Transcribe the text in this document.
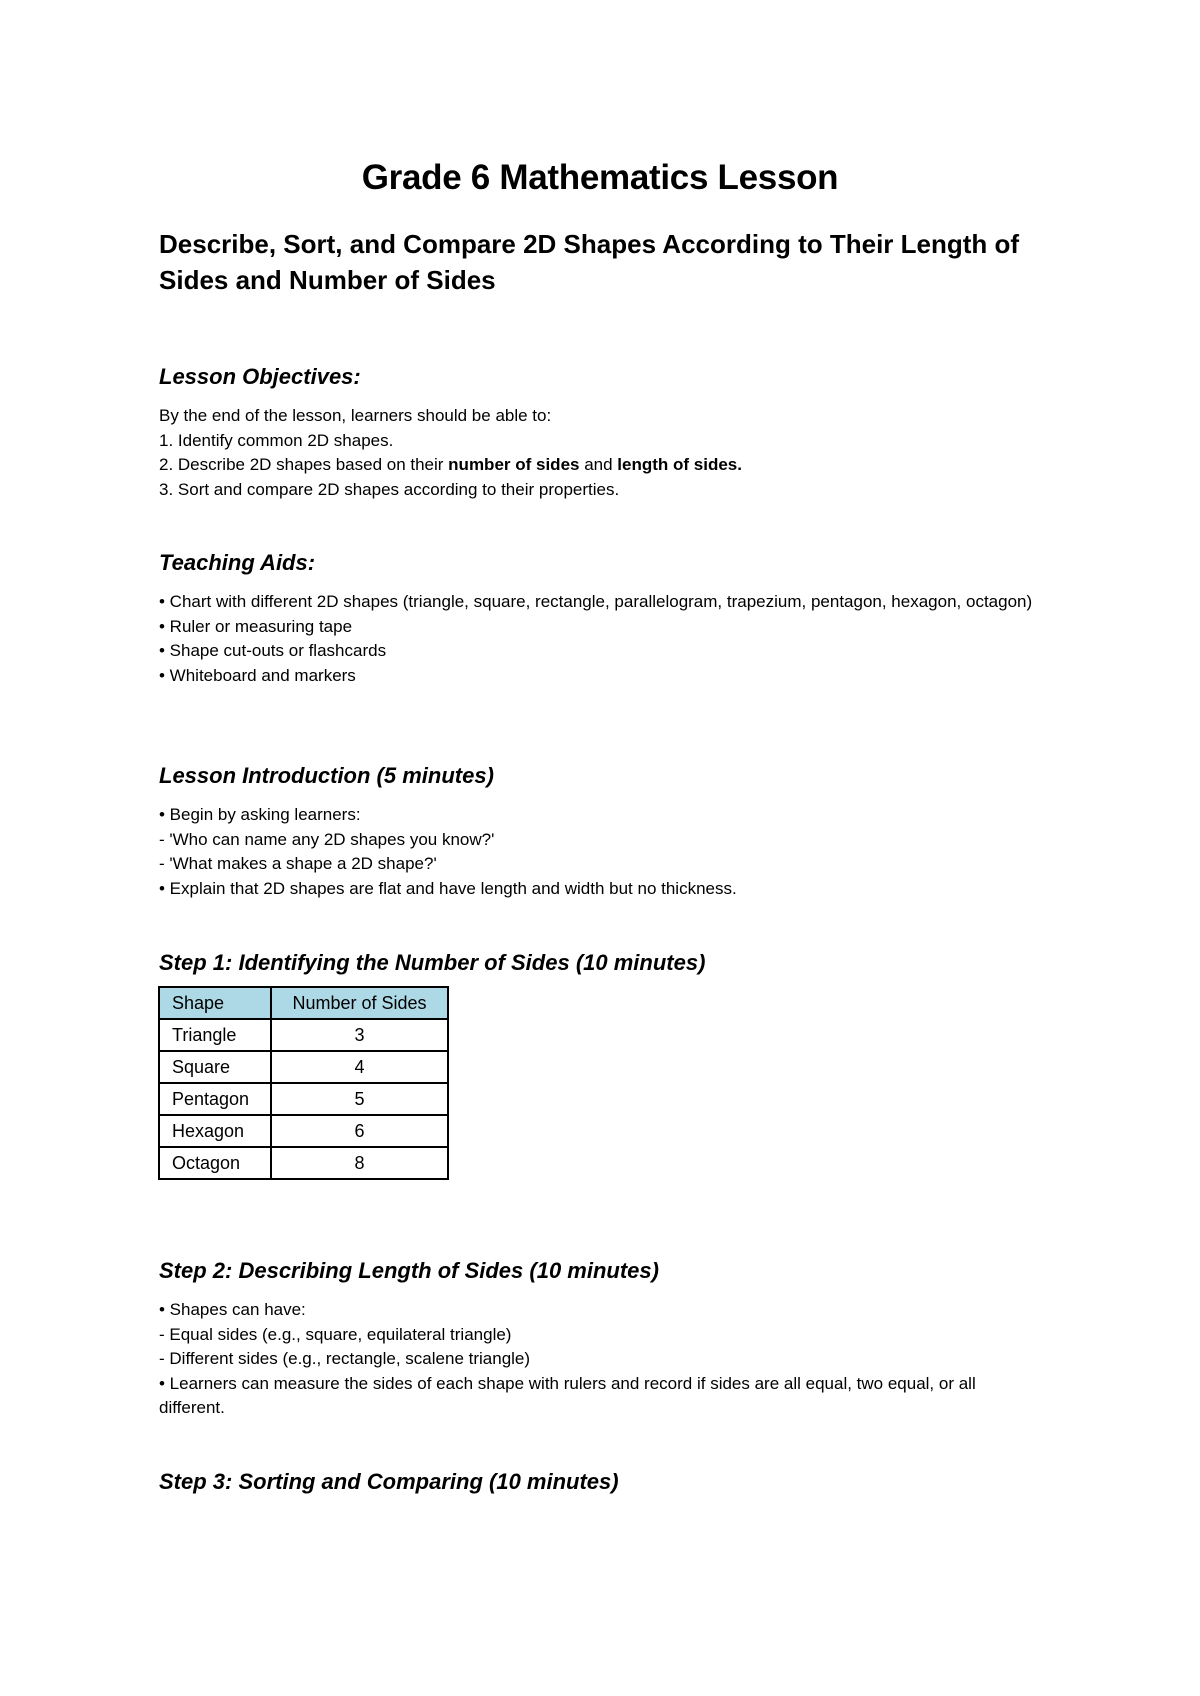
Grade 6 Mathematics Lesson
Describe, Sort, and Compare 2D Shapes According to Their Length of Sides and Number of Sides
Lesson Objectives:
By the end of the lesson, learners should be able to:
1. Identify common 2D shapes.
2. Describe 2D shapes based on their number of sides and length of sides.
3. Sort and compare 2D shapes according to their properties.
Teaching Aids:
• Chart with different 2D shapes (triangle, square, rectangle, parallelogram, trapezium, pentagon, hexagon, octagon)
• Ruler or measuring tape
• Shape cut-outs or flashcards
• Whiteboard and markers
Lesson Introduction (5 minutes)
• Begin by asking learners:
- 'Who can name any 2D shapes you know?'
- 'What makes a shape a 2D shape?'
• Explain that 2D shapes are flat and have length and width but no thickness.
Step 1: Identifying the Number of Sides (10 minutes)
Shape	Number of Sides
Triangle	3
Square	4
Pentagon	5
Hexagon	6
Octagon	8
Step 2: Describing Length of Sides (10 minutes)
• Shapes can have:
- Equal sides (e.g., square, equilateral triangle)
- Different sides (e.g., rectangle, scalene triangle)
• Learners can measure the sides of each shape with rulers and record if sides are all equal, two equal, or all different.
Step 3: Sorting and Comparing (10 minutes)
